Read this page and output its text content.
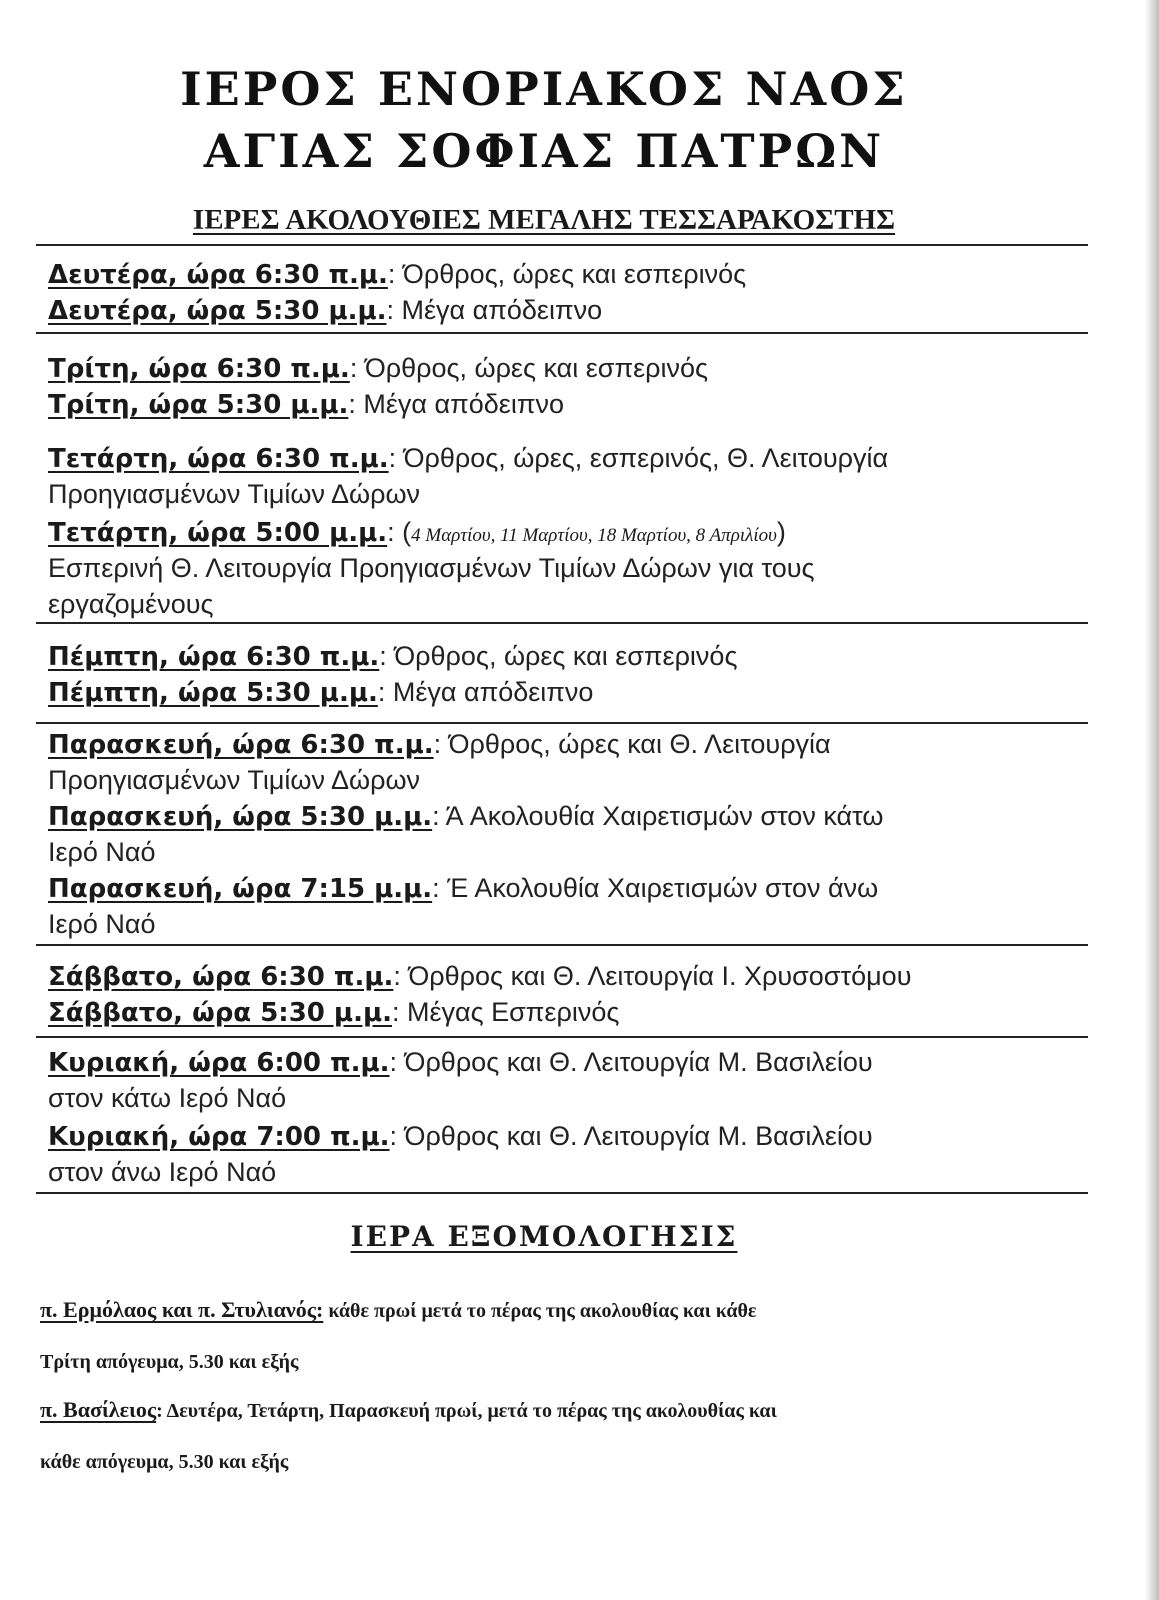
ΙΕΡΟΣ ΕΝΟΡΙΑΚΟΣ ΝΑΟΣ
ΑΓΙΑΣ ΣΟΦΙΑΣ ΠΑΤΡΩΝ
ΙΕΡΕΣ ΑΚΟΛΟΥΘΙΕΣ ΜΕΓΑΛΗΣ ΤΕΣΣΑΡΑΚΟΣΤΗΣ
Δευτέρα, ώρα 6:30 π.μ.: Όρθρος, ώρες και εσπερινός
Δευτέρα, ώρα 5:30 μ.μ.: Μέγα απόδειπνο
Τρίτη, ώρα 6:30 π.μ.: Όρθρος, ώρες και εσπερινός
Τρίτη, ώρα 5:30 μ.μ.: Μέγα απόδειπνο
Τετάρτη, ώρα 6:30 π.μ.: Όρθρος, ώρες, εσπερινός, Θ. Λειτουργία
Προηγιασμένων Τιμίων Δώρων
Τετάρτη, ώρα 5:00 μ.μ.: (4 Μαρτίου, 11 Μαρτίου, 18 Μαρτίου, 8 Απριλίου)
Εσπερινή Θ. Λειτουργία Προηγιασμένων Τιμίων Δώρων για τους
εργαζομένους
Πέμπτη, ώρα 6:30 π.μ.: Όρθρος, ώρες και εσπερινός
Πέμπτη, ώρα 5:30 μ.μ.: Μέγα απόδειπνο
Παρασκευή, ώρα 6:30 π.μ.: Όρθρος, ώρες και Θ. Λειτουργία
Προηγιασμένων Τιμίων Δώρων
Παρασκευή, ώρα 5:30 μ.μ.: Ά Ακολουθία Χαιρετισμών στον κάτω
Ιερό Ναό
Παρασκευή, ώρα 7:15 μ.μ.: Έ Ακολουθία Χαιρετισμών στον άνω
Ιερό Ναό
Σάββατο, ώρα 6:30 π.μ.: Όρθρος και Θ. Λειτουργία Ι. Χρυσοστόμου
Σάββατο, ώρα 5:30 μ.μ.: Μέγας Εσπερινός
Κυριακή, ώρα 6:00 π.μ.: Όρθρος και Θ. Λειτουργία Μ. Βασιλείου
στον κάτω Ιερό Ναό
Κυριακή, ώρα 7:00 π.μ.: Όρθρος και Θ. Λειτουργία Μ. Βασιλείου
στον άνω Ιερό Ναό
ΙΕΡΑ ΕΞΟΜΟΛΟΓΗΣΙΣ
π. Ερμόλαος και π. Στυλιανός: κάθε πρωί μετά το πέρας της ακολουθίας και κάθε
Τρίτη απόγευμα, 5.30 και εξής
π. Βασίλειος: Δευτέρα, Τετάρτη, Παρασκευή πρωί, μετά το πέρας της ακολουθίας και
κάθε απόγευμα, 5.30 και εξής
